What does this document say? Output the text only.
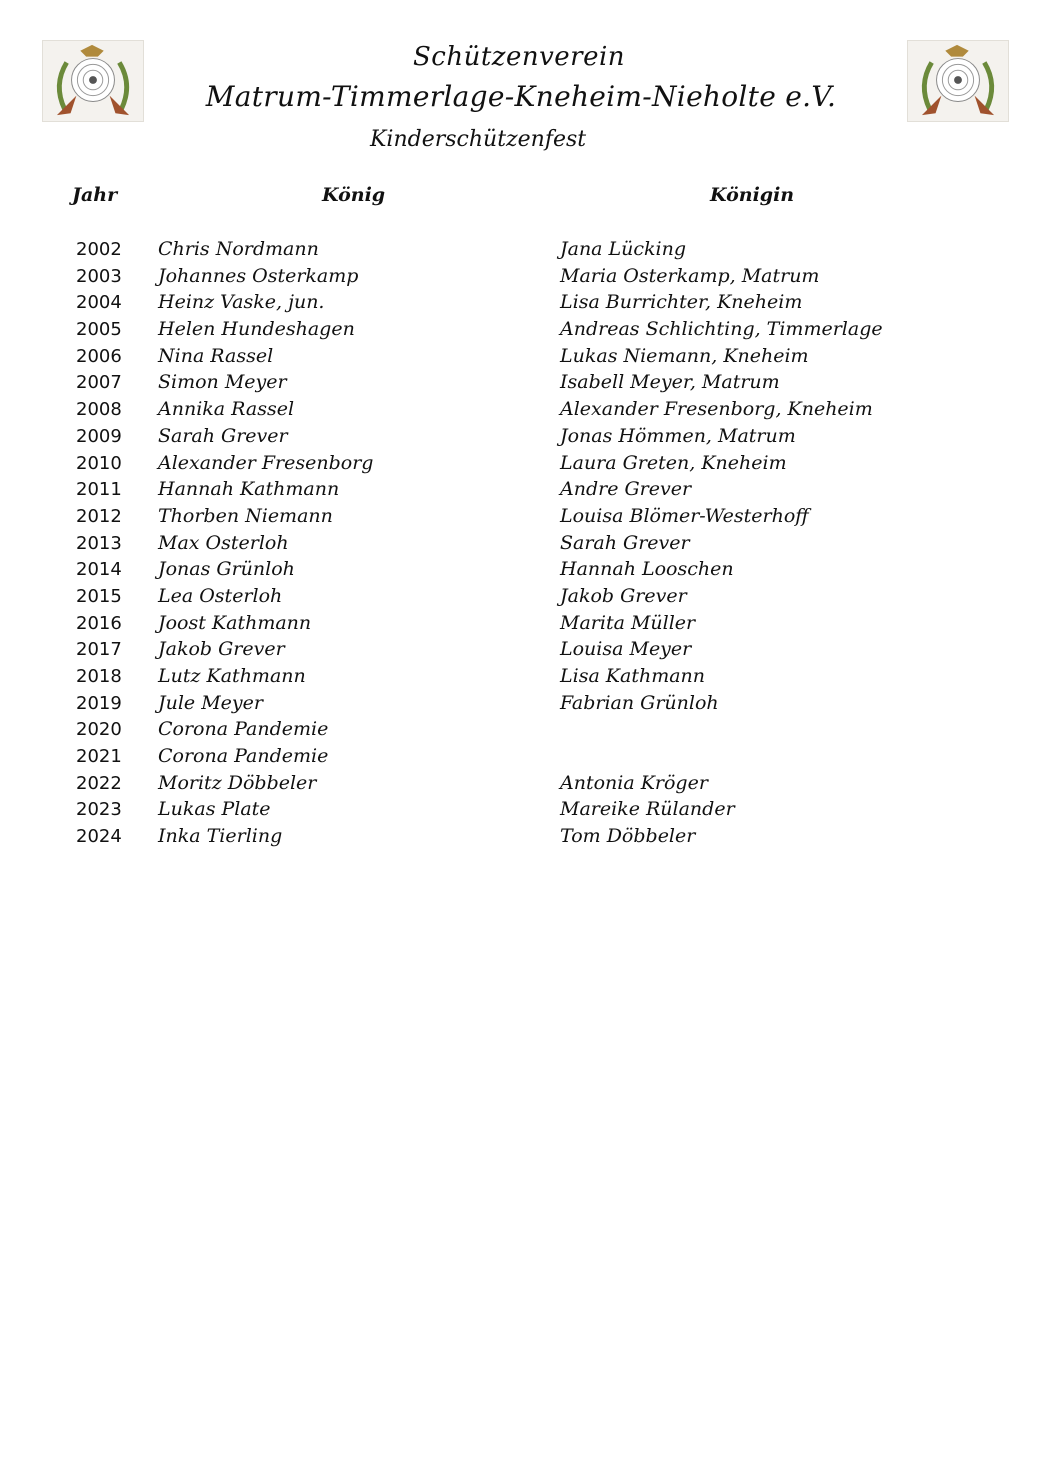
Schützenverein
Matrum-Timmerlage-Kneheim-Nieholte e.V.
Kinderschützenfest
Jahr	König	Königin
2002 Chris Nordmann	Jana Lücking
2003 Johannes Osterkamp	Maria Osterkamp, Matrum
2004 Heinz Vaske, jun.	Lisa Burrichter, Kneheim
2005 Helen Hundeshagen	Andreas Schlichting, Timmerlage
2006 Nina Rassel	Lukas Niemann, Kneheim
2007 Simon Meyer	Isabell Meyer, Matrum
2008 Annika Rassel	Alexander Fresenborg, Kneheim
2009 Sarah Grever	Jonas Hömmen, Matrum
2010 Alexander Fresenborg	Laura Greten, Kneheim
2011 Hannah Kathmann	Andre Grever
2012 Thorben Niemann	Louisa Blömer-Westerhoff
2013 Max Osterloh	Sarah Grever
2014 Jonas Grünloh	Hannah Looschen
2015 Lea Osterloh	Jakob Grever
2016 Joost Kathmann	Marita Müller
2017 Jakob Grever	Louisa Meyer
2018 Lutz Kathmann	Lisa Kathmann
2019 Jule Meyer	Fabrian Grünloh
2020 Corona Pandemie
2021 Corona Pandemie
2022 Moritz Döbbeler	Antonia Kröger
2023 Lukas Plate	Mareike Rülander
2024 Inka Tierling	Tom Döbbeler
